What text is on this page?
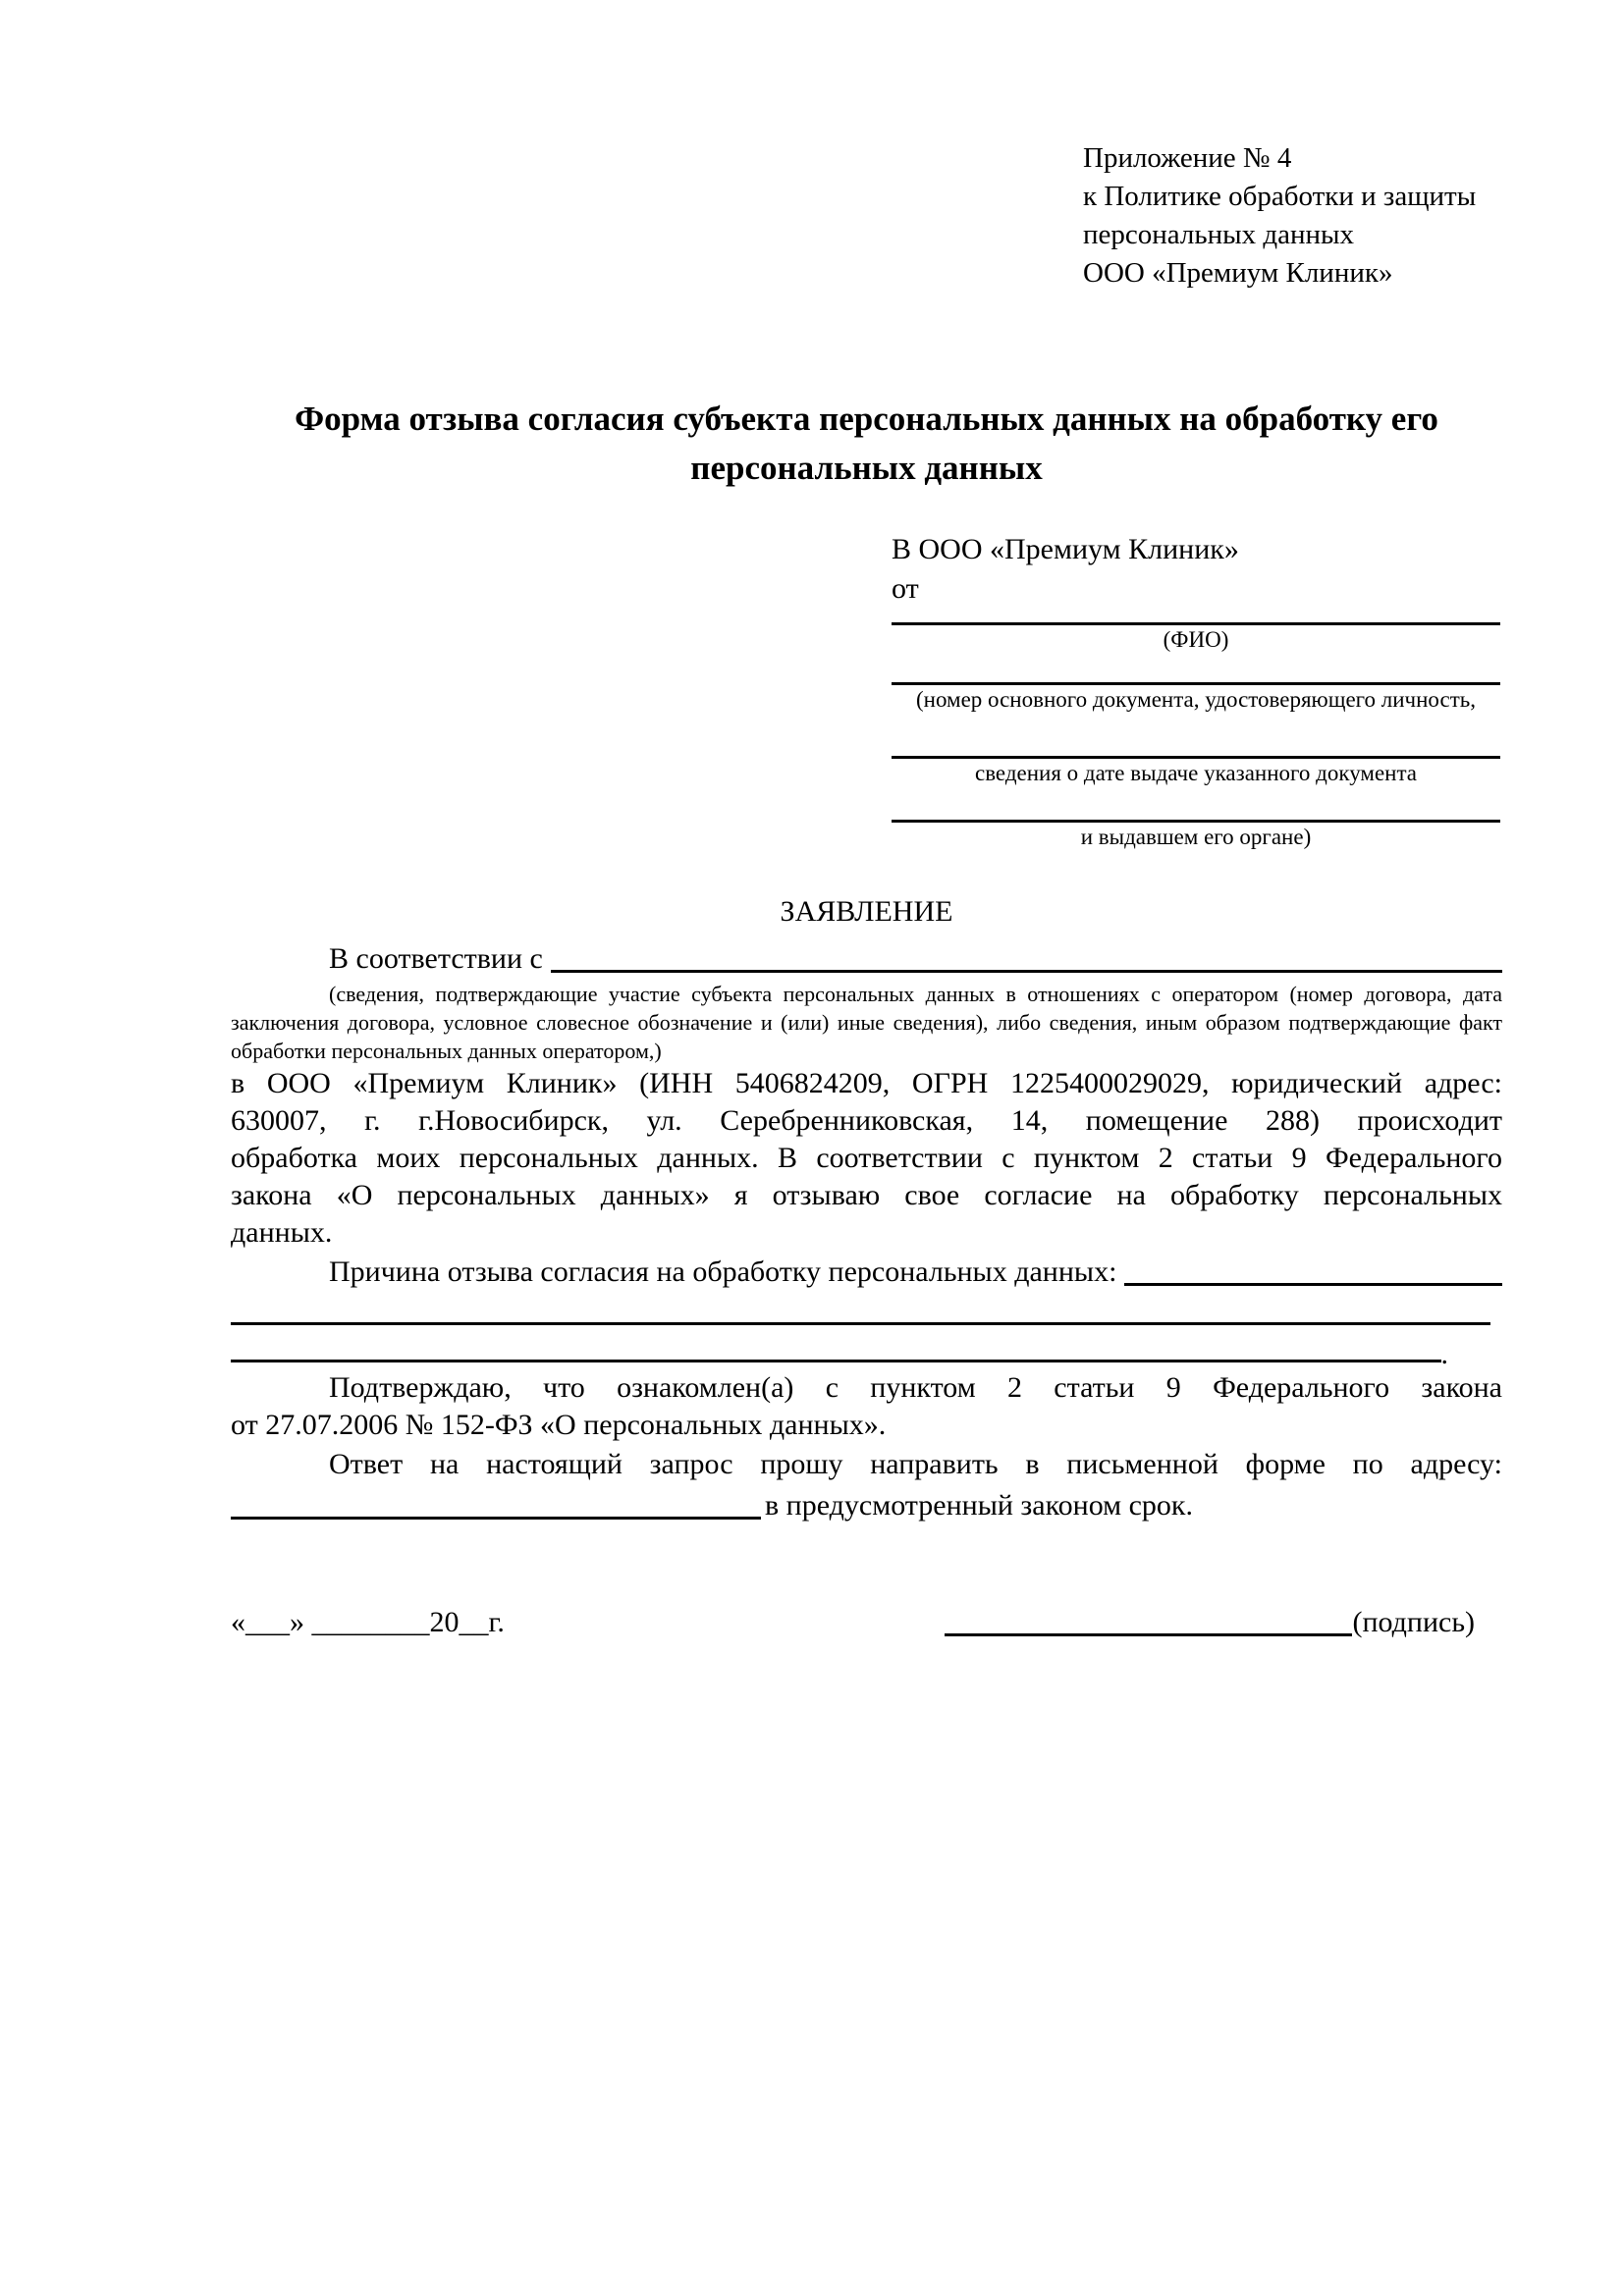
Приложение № 4
к Политике обработки и защиты
персональных данных
ООО «Премиум Клиник»
Форма отзыва согласия субъекта персональных данных на обработку его персональных данных
В ООО «Премиум Клиник»
от
(ФИО)
(номер основного документа, удостоверяющего личность,
сведения о дате выдаче указанного документа
и выдавшем его органе)
ЗАЯВЛЕНИЕ
В соответствии с
(сведения, подтверждающие участие субъекта персональных данных в отношениях с оператором (номер договора, дата
заключения договора, условное словесное обозначение и (или) иные сведения), либо сведения, иным образом подтверждающие факт
обработки персональных данных оператором,)
в ООО «Премиум Клиник» (ИНН 5406824209, ОГРН 1225400029029, юридический адрес:
630007, г. г.Новосибирск, ул. Серебренниковская, 14, помещение 288) происходит
обработка моих персональных данных. В соответствии с пунктом 2 статьи 9 Федерального
закона «О персональных данных» я отзываю свое согласие на обработку персональных
данных.
Причина отзыва согласия на обработку персональных данных:
.
Подтверждаю, что ознакомлен(а) с пунктом 2 статьи 9 Федерального закона
от 27.07.2006 № 152-ФЗ «О персональных данных».
Ответ на настоящий запрос прошу направить в письменной форме по адресу:
в предусмотренный законом срок.
«___» ________20__г.	(подпись)
